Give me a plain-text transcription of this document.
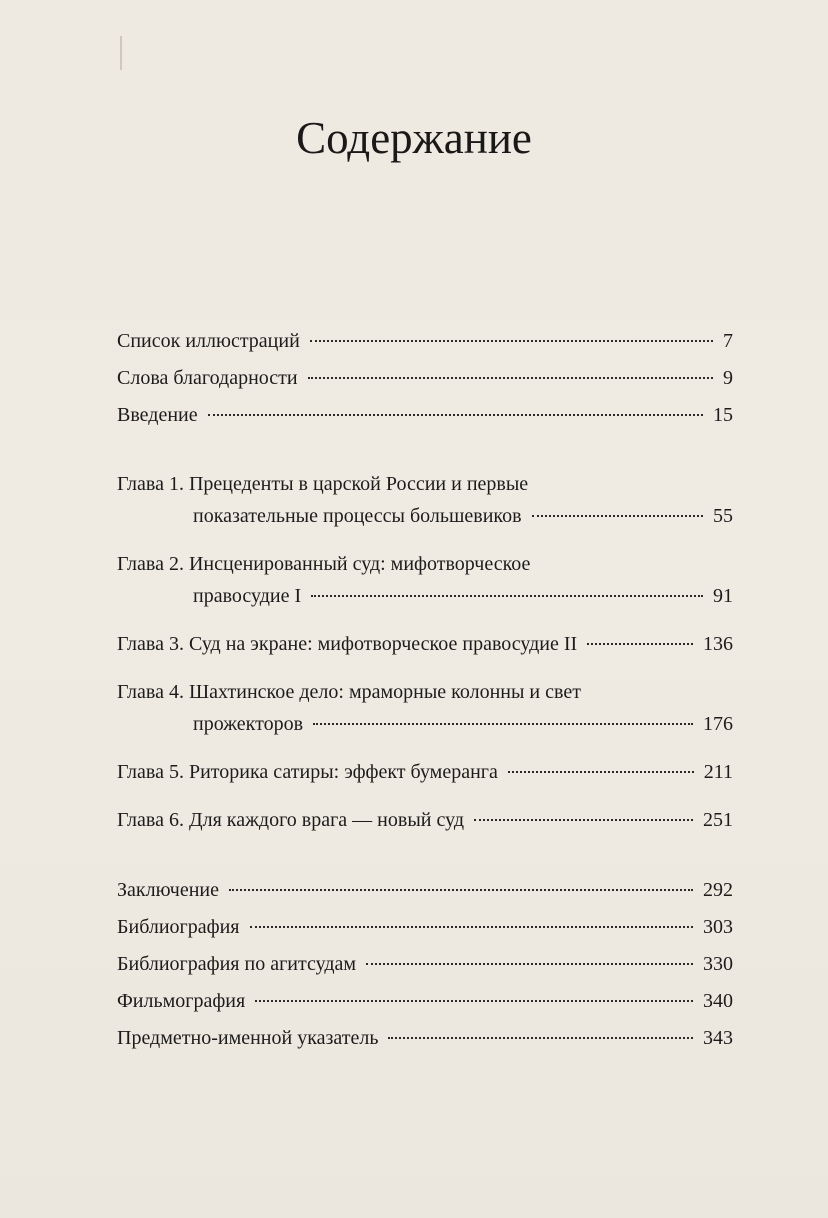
Содержание
Список иллюстраций	7
Слова благодарности	9
Введение	15
Глава 1. Прецеденты в царской России и первые
показательные процессы большевиков	55
Глава 2. Инсценированный суд: мифотворческое
правосудие I	91
Глава 3. Суд на экране: мифотворческое правосудие II	136
Глава 4. Шахтинское дело: мраморные колонны и свет
прожекторов	176
Глава 5. Риторика сатиры: эффект бумеранга	211
Глава 6. Для каждого врага — новый суд	251
Заключение	292
Библиография	303
Библиография по агитсудам	330
Фильмография	340
Предметно-именной указатель	343
